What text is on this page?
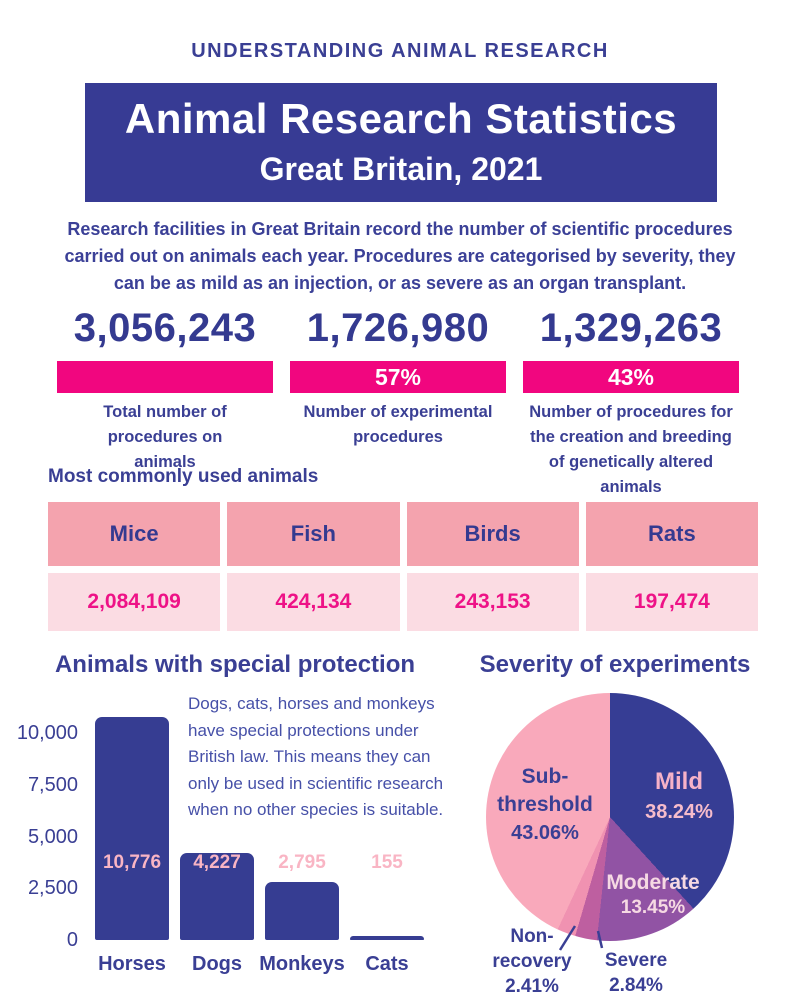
UNDERSTANDING ANIMAL RESEARCH
Animal Research Statistics
Great Britain, 2021

Research facilities in Great Britain record the number of scientific procedures carried out on animals each year. Procedures are categorised by severity, they can be as mild as an injection, or as severe as an organ transplant.

3,056,243
Total number of procedures on animals
1,726,980
57%
Number of experimental procedures
1,329,263
43%
Number of procedures for the creation and breeding of genetically altered animals
Most commonly used animals
Mice	Fish	Birds	Rats
2,084,109	424,134	243,153	197,474
Animals with special protection
Dogs, cats, horses and monkeys have special protections under British law. This means they can only be used in scientific research when no other species is suitable.
0
2,500
5,000
7,500
10,000
10,776
Horses
4,227
Dogs
2,795
Monkeys
155
Cats
Severity of experiments
Sub-threshold
43.06%
Mild
38.24%
Moderate
13.45%
Non-recovery
2.41%
Severe
2.84%
